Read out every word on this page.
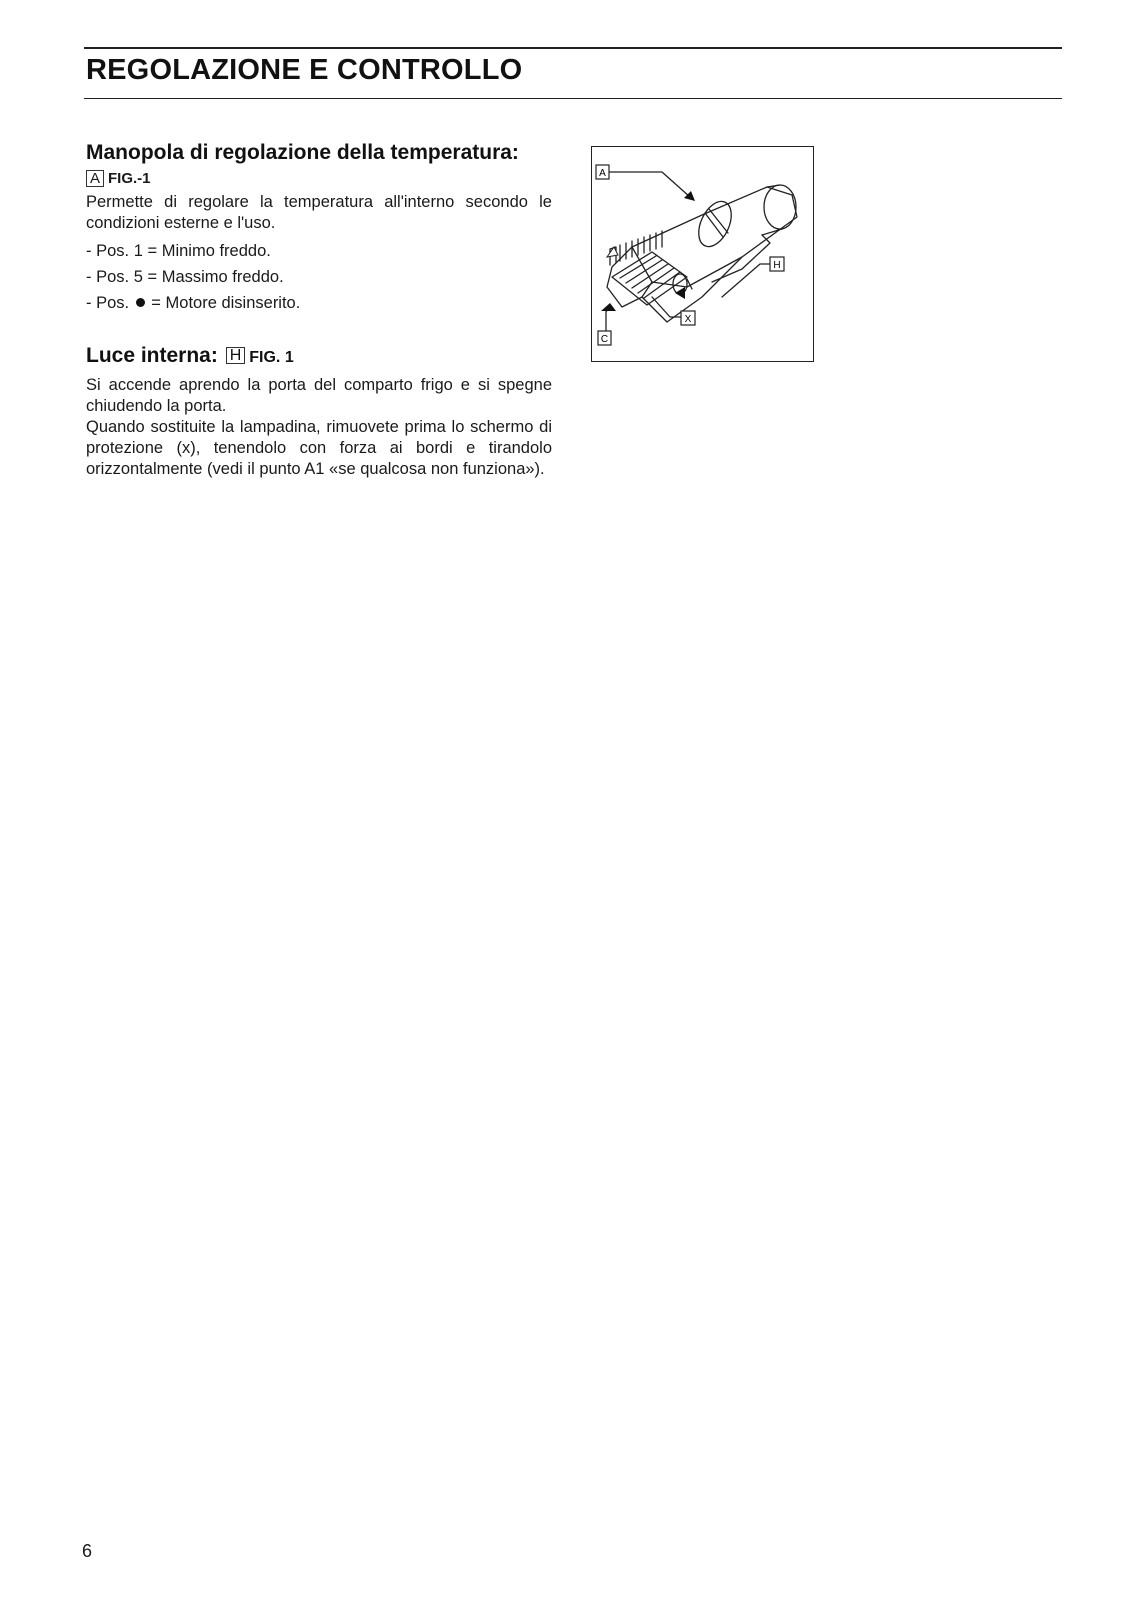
REGOLAZIONE E CONTROLLO
Manopola di regolazione della temperatura:
A FIG.-1

Permette di regolare la temperatura all'interno secondo le condizioni esterne e l'uso.

- Pos. 1 = Minimo freddo.
- Pos. 5 = Massimo freddo.
- Pos. = Motore disinserito.
Luce interna: H FIG. 1

Si accende aprendo la porta del comparto frigo e si spegne chiudendo la porta.

Quando sostituite la lampadina, rimuovete prima lo schermo di protezione (x), tenendolo con forza ai bordi e tirandolo orizzontalmente (vedi il punto A1 «se qualcosa non funziona»).

A
H
X
C
6
